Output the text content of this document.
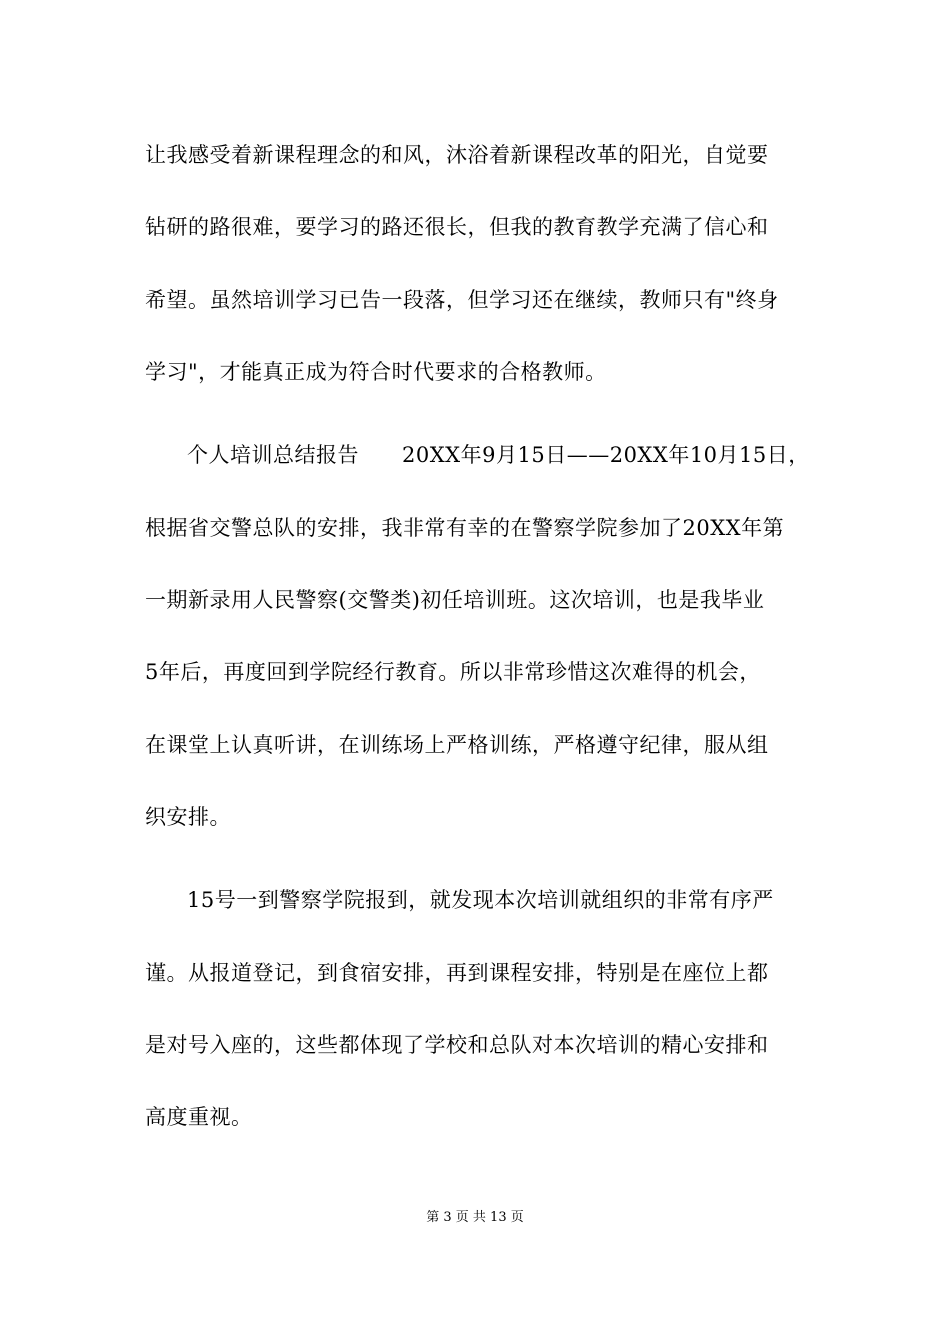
让我感受着新课程理念的和风，沐浴着新课程改革的阳光，自觉要
钻研的路很难，要学习的路还很长，但我的教育教学充满了信心和
希望。虽然培训学习已告一段落，但学习还在继续，教师只有"终身
学习"，才能真正成为符合时代要求的合格教师。
个人培训总结报告　　20XX年9月15日——20XX年10月15日，
根据省交警总队的安排，我非常有幸的在警察学院参加了20XX年第
一期新录用人民警察(交警类)初任培训班。这次培训，也是我毕业
5年后，再度回到学院经行教育。所以非常珍惜这次难得的机会，
在课堂上认真听讲，在训练场上严格训练，严格遵守纪律，服从组
织安排。
15号一到警察学院报到，就发现本次培训就组织的非常有序严
谨。从报道登记，到食宿安排，再到课程安排，特别是在座位上都
是对号入座的，这些都体现了学校和总队对本次培训的精心安排和
高度重视。
第 3 页 共 13 页
